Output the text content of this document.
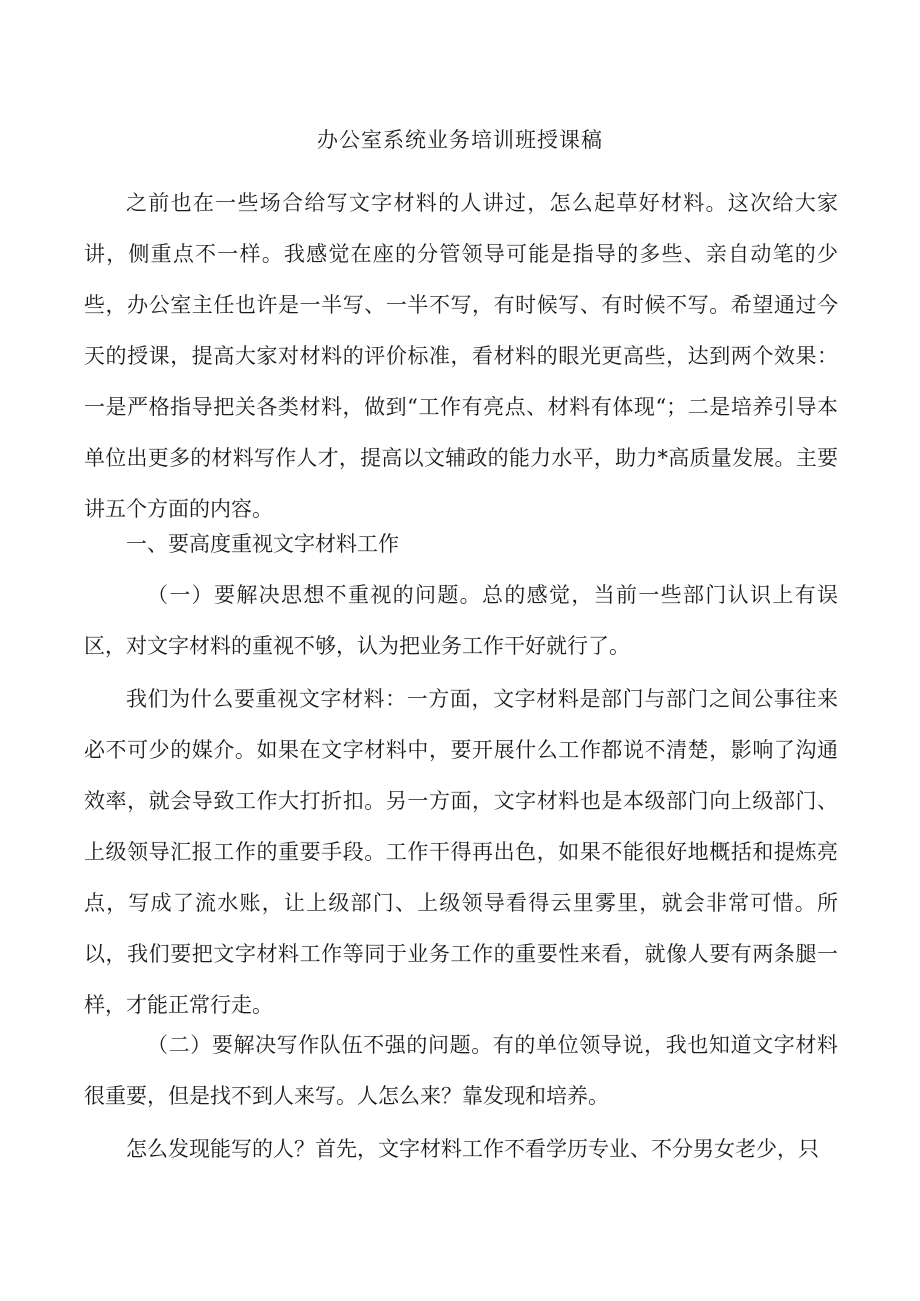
办公室系统业务培训班授课稿

之前也在一些场合给写文字材料的人讲过，怎么起草好材料。这次给大家讲，侧重点不一样。我感觉在座的分管领导可能是指导的多些、亲自动笔的少些，办公室主任也许是一半写、一半不写，有时候写、有时候不写。希望通过今天的授课，提高大家对材料的评价标准，看材料的眼光更高些，达到两个效果：一是严格指导把关各类材料，做到“工作有亮点、材料有体现“；二是培养引导本单位出更多的材料写作人才，提高以文辅政的能力水平，助力*高质量发展。主要讲五个方面的内容。

一、要高度重视文字材料工作

（一）要解决思想不重视的问题。总的感觉，当前一些部门认识上有误区，对文字材料的重视不够，认为把业务工作干好就行了。

我们为什么要重视文字材料：一方面，文字材料是部门与部门之间公事往来必不可少的媒介。如果在文字材料中，要开展什么工作都说不清楚，影响了沟通效率，就会导致工作大打折扣。另一方面，文字材料也是本级部门向上级部门、上级领导汇报工作的重要手段。工作干得再出色，如果不能很好地概括和提炼亮点，写成了流水账，让上级部门、上级领导看得云里雾里，就会非常可惜。所以，我们要把文字材料工作等同于业务工作的重要性来看，就像人要有两条腿一样，才能正常行走。

（二）要解决写作队伍不强的问题。有的单位领导说，我也知道文字材料很重要，但是找不到人来写。人怎么来？靠发现和培养。

怎么发现能写的人？首先，文字材料工作不看学历专业、不分男女老少，只
